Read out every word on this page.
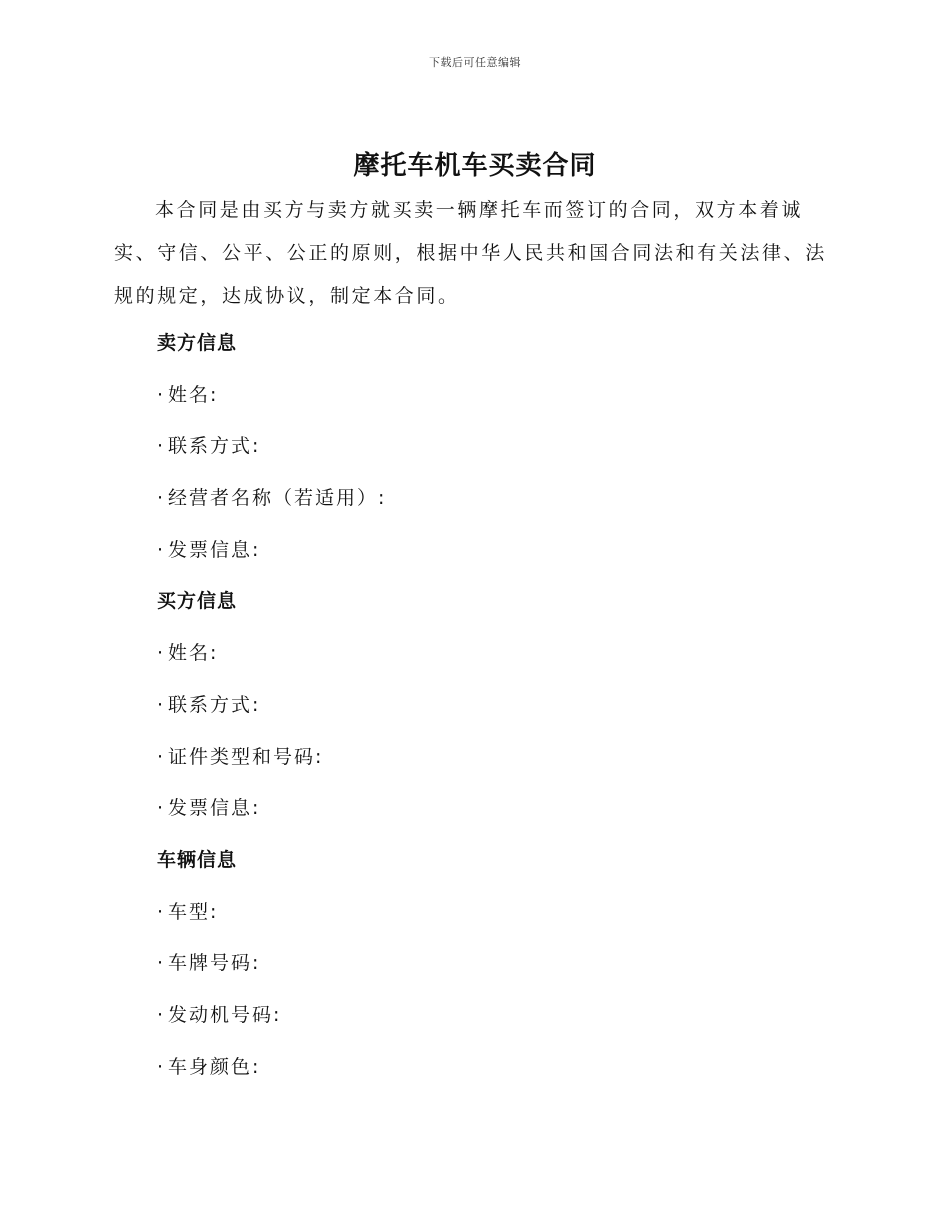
下载后可任意编辑
摩托车机车买卖合同

本合同是由买方与卖方就买卖一辆摩托车而签订的合同，双方本着诚实、守信、公平、公正的原则，根据中华人民共和国合同法和有关法律、法规的规定，达成协议，制定本合同。

卖方信息
· 姓名:
· 联系方式:
· 经营者名称（若适用）:
· 发票信息:
买方信息
· 姓名:
· 联系方式:
· 证件类型和号码:
· 发票信息:
车辆信息
· 车型:
· 车牌号码:
· 发动机号码:
· 车身颜色:
